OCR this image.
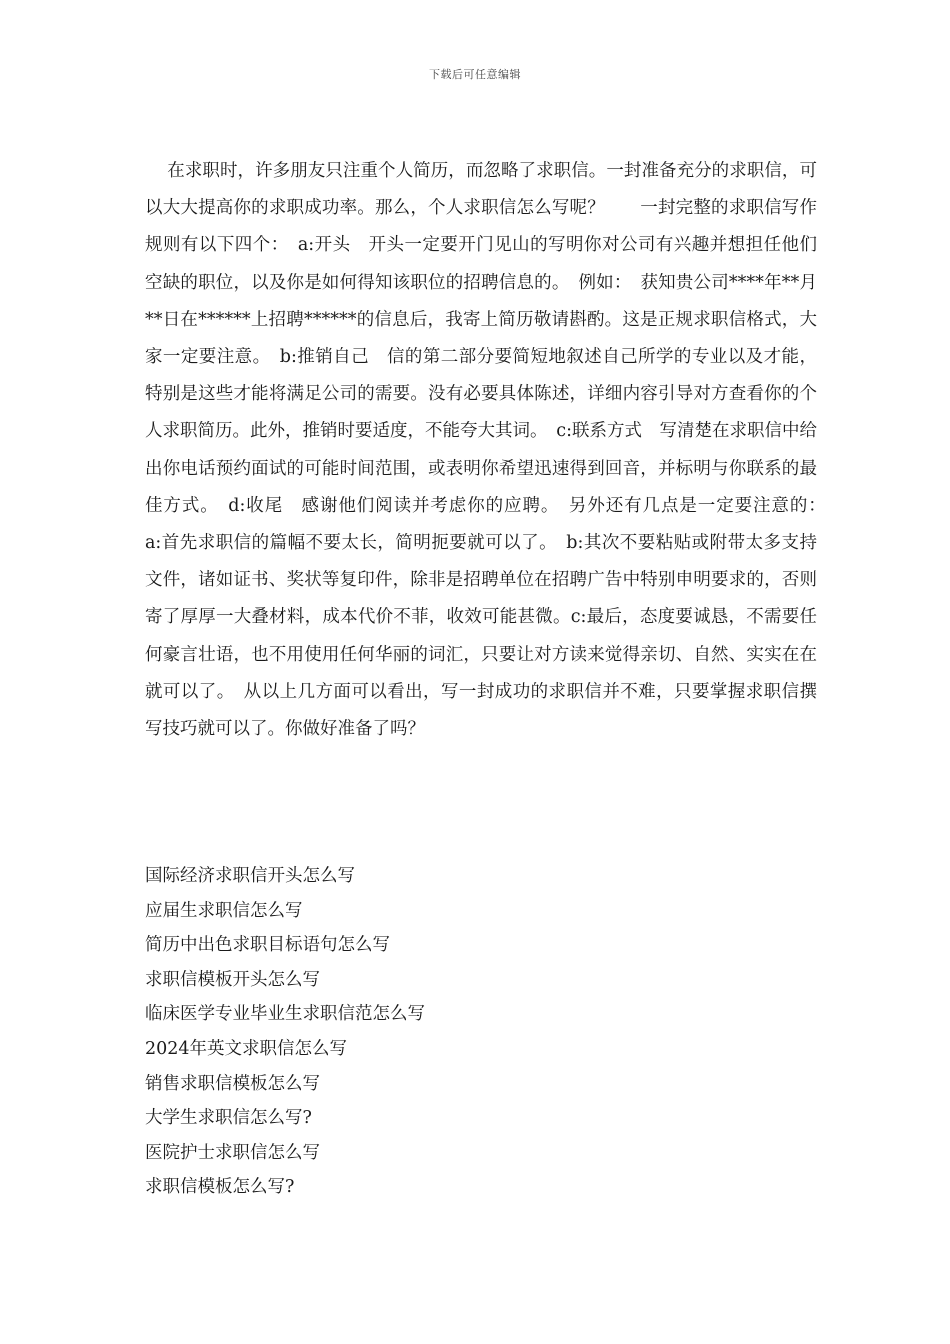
下载后可任意编辑

在求职时，许多朋友只注重个人简历，而忽略了求职信。一封准备充分的求职信，可以大大提高你的求职成功率。那么，个人求职信怎么写呢？　　一封完整的求职信写作规则有以下四个：　a:开头　开头一定要开门见山的写明你对公司有兴趣并想担任他们空缺的职位，以及你是如何得知该职位的招聘信息的。　例如：　获知贵公司****年**月**日在******上招聘******的信息后，我寄上简历敬请斟酌。这是正规求职信格式，大家一定要注意。　b:推销自己　信的第二部分要简短地叙述自己所学的专业以及才能，特别是这些才能将满足公司的需要。没有必要具体陈述，详细内容引导对方查看你的个人求职简历。此外，推销时要适度，不能夸大其词。　c:联系方式　写清楚在求职信中给出你电话预约面试的可能时间范围，或表明你希望迅速得到回音，并标明与你联系的最佳方式。　d:收尾　感谢他们阅读并考虑你的应聘。　另外还有几点是一定要注意的：　a:首先求职信的篇幅不要太长，简明扼要就可以了。　b:其次不要粘贴或附带太多支持文件，诸如证书、奖状等复印件，除非是招聘单位在招聘广告中特别申明要求的，否则寄了厚厚一大叠材料，成本代价不菲，收效可能甚微。c:最后，态度要诚恳，不需要任何豪言壮语，也不用使用任何华丽的词汇，只要让对方读来觉得亲切、自然、实实在在就可以了。　从以上几方面可以看出，写一封成功的求职信并不难，只要掌握求职信撰写技巧就可以了。你做好准备了吗？

国际经济求职信开头怎么写
应届生求职信怎么写
简历中出色求职目标语句怎么写
求职信模板开头怎么写
临床医学专业毕业生求职信范怎么写
2024年英文求职信怎么写
销售求职信模板怎么写
大学生求职信怎么写?
医院护士求职信怎么写
求职信模板怎么写?
